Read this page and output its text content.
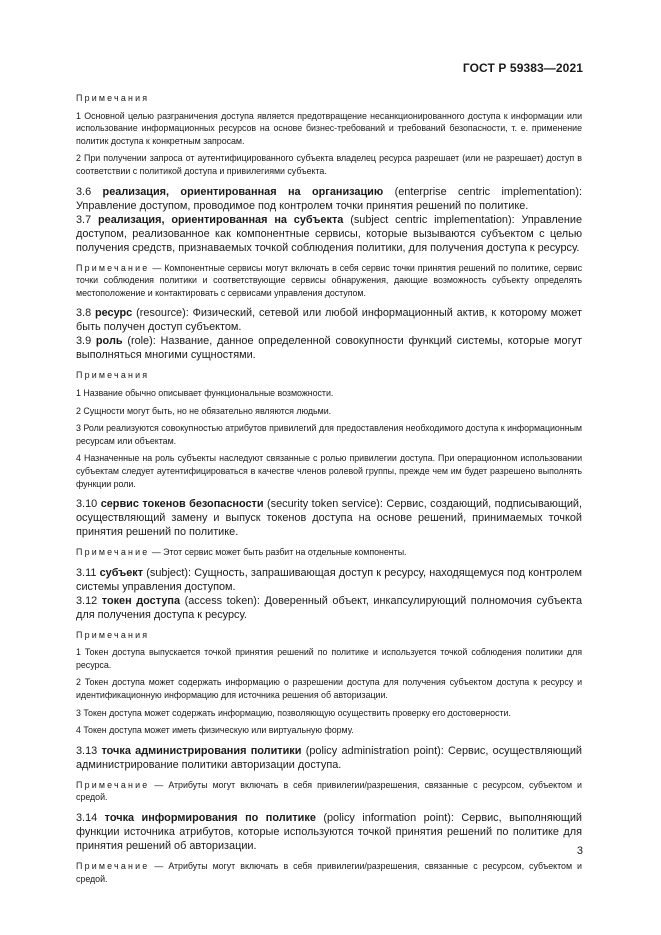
ГОСТ Р 59383—2021
Примечания

1 Основной целью разграничения доступа является предотвращение несанкционированного доступа к информации или использование информационных ресурсов на основе бизнес-требований и требований безопасности, т. е. применение политик доступа к конкретным запросам.

2 При получении запроса от аутентифицированного субъекта владелец ресурса разрешает (или не разрешает) доступ в соответствии с политикой доступа и привилегиями субъекта.

3.6 реализация, ориентированная на организацию (enterprise centric implementation): Управление доступом, проводимое под контролем точки принятия решений по политике.

3.7 реализация, ориентированная на субъекта (subject centric implementation): Управление доступом, реализованное как компонентные сервисы, которые вызываются субъектом с целью получения средств, признаваемых точкой соблюдения политики, для получения доступа к ресурсу.

Примечание — Компонентные сервисы могут включать в себя сервис точки принятия решений по политике, сервис точки соблюдения политики и соответствующие сервисы обнаружения, дающие возможность субъекту определять местоположение и контактировать с сервисами управления доступом.

3.8 ресурс (resource): Физический, сетевой или любой информационный актив, к которому может быть получен доступ субъектом.

3.9 роль (role): Название, данное определенной совокупности функций системы, которые могут выполняться многими сущностями.

Примечания

1 Название обычно описывает функциональные возможности.

2 Сущности могут быть, но не обязательно являются людьми.

3 Роли реализуются совокупностью атрибутов привилегий для предоставления необходимого доступа к информационным ресурсам или объектам.

4 Назначенные на роль субъекты наследуют связанные с ролью привилегии доступа. При операционном использовании субъектам следует аутентифицироваться в качестве членов ролевой группы, прежде чем им будет разрешено выполнять функции роли.

3.10 сервис токенов безопасности (security token service): Сервис, создающий, подписывающий, осуществляющий замену и выпуск токенов доступа на основе решений, принимаемых точкой принятия решений по политике.

Примечание — Этот сервис может быть разбит на отдельные компоненты.

3.11 субъект (subject): Сущность, запрашивающая доступ к ресурсу, находящемуся под контролем системы управления доступом.

3.12 токен доступа (access token): Доверенный объект, инкапсулирующий полномочия субъекта для получения доступа к ресурсу.

Примечания

1 Токен доступа выпускается точкой принятия решений по политике и используется точкой соблюдения политики для ресурса.

2 Токен доступа может содержать информацию о разрешении доступа для получения субъектом доступа к ресурсу и идентификационную информацию для источника решения об авторизации.

3 Токен доступа может содержать информацию, позволяющую осуществить проверку его достоверности.

4 Токен доступа может иметь физическую или виртуальную форму.

3.13 точка администрирования политики (policy administration point): Сервис, осуществляющий администрирование политики авторизации доступа.

Примечание — Атрибуты могут включать в себя привилегии/разрешения, связанные с ресурсом, субъектом и средой.

3.14 точка информирования по политике (policy information point): Сервис, выполняющий функции источника атрибутов, которые используются точкой принятия решений по политике для принятия решений об авторизации.

Примечание — Атрибуты могут включать в себя привилегии/разрешения, связанные с ресурсом, субъектом и средой.

3
